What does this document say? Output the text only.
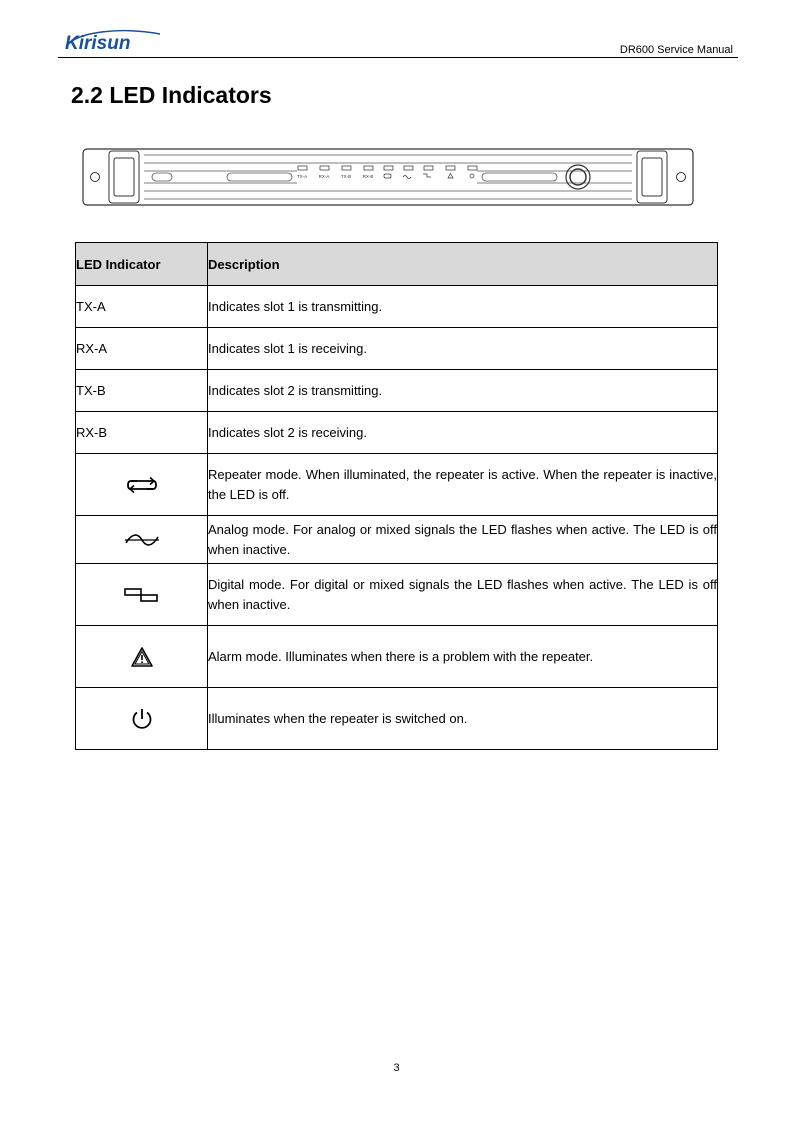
Kirisun	DR600 Service Manual
2.2 LED Indicators
TX-A	RX-A	TX-B	RX-B
LED Indicator	Description
TX-A	Indicates slot 1 is transmitting.
RX-A	Indicates slot 1 is receiving.
TX-B	Indicates slot 2 is transmitting.
RX-B	Indicates slot 2 is receiving.
	Repeater mode. When illuminated, the repeater is active. When the repeater is inactive, the LED is off.
	Analog mode. For analog or mixed signals the LED flashes when active. The LED is off when inactive.
	Digital mode. For digital or mixed signals the LED flashes when active. The LED is off when inactive.
	Alarm mode. Illuminates when there is a problem with the repeater.
	Illuminates when the repeater is switched on.
3
